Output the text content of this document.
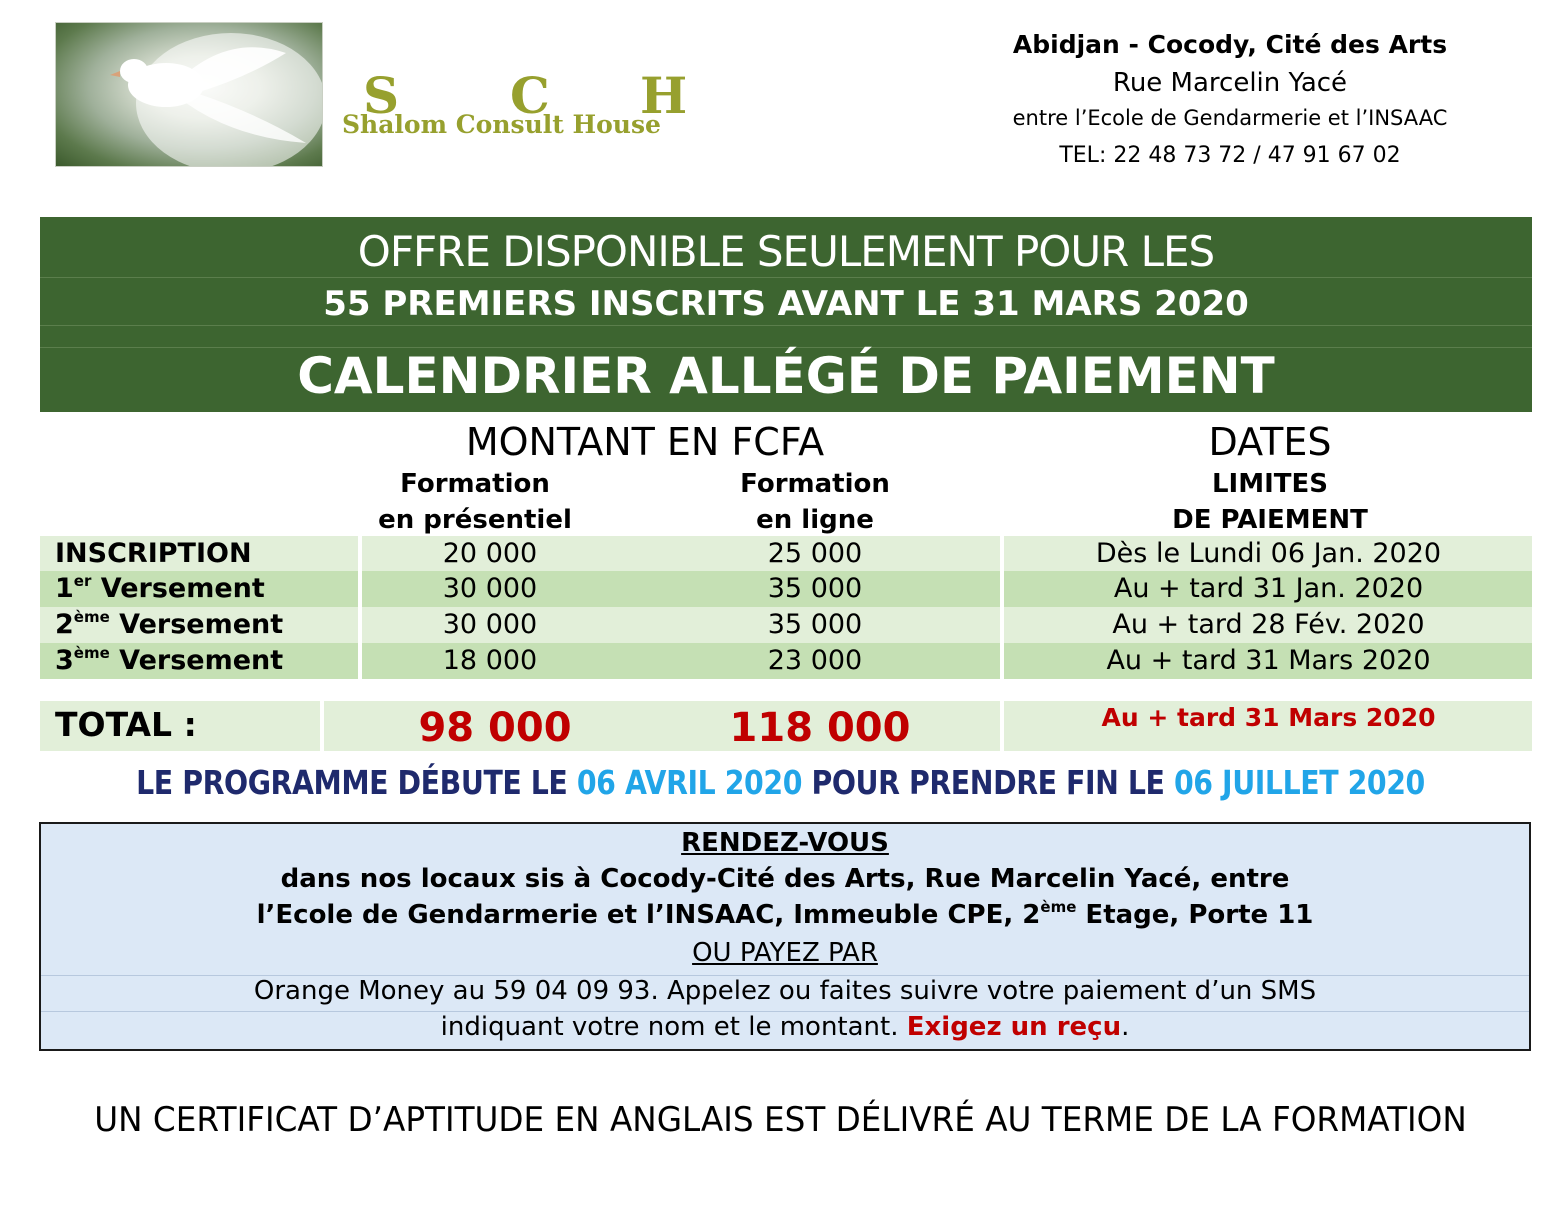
S C H
Shalom Consult House
Abidjan - Cocody, Cité des Arts
Rue Marcelin Yacé
entre l’Ecole de Gendarmerie et l’INSAAC
TEL: 22 48 73 72 / 47 91 67 02
OFFRE DISPONIBLE SEULEMENT POUR LES
55 PREMIERS INSCRITS AVANT LE 31 MARS 2020
CALENDRIER ALLÉGÉ DE PAIEMENT
MONTANT EN FCFA	DATES
Formation
en présentiel
Formation
en ligne
LIMITES
DE PAIEMENT
INSCRIPTION	20 000	25 000	Dès le Lundi 06 Jan. 2020
1er Versement	30 000	35 000	Au + tard 31 Jan. 2020
2ème Versement	30 000	35 000	Au + tard 28 Fév. 2020
3ème Versement	18 000	23 000	Au + tard 31 Mars 2020
TOTAL :	98 000	118 000	Au + tard 31 Mars 2020
LE PROGRAMME DÉBUTE LE 06 AVRIL 2020 POUR PRENDRE FIN LE 06 JUILLET 2020
RENDEZ-VOUS
dans nos locaux sis à Cocody-Cité des Arts, Rue Marcelin Yacé, entre
l’Ecole de Gendarmerie et l’INSAAC, Immeuble CPE, 2ème Etage, Porte 11
OU PAYEZ PAR
Orange Money au 59 04 09 93. Appelez ou faites suivre votre paiement d’un SMS
indiquant votre nom et le montant. Exigez un reçu.
UN CERTIFICAT D’APTITUDE EN ANGLAIS EST DÉLIVRÉ AU TERME DE LA FORMATION
